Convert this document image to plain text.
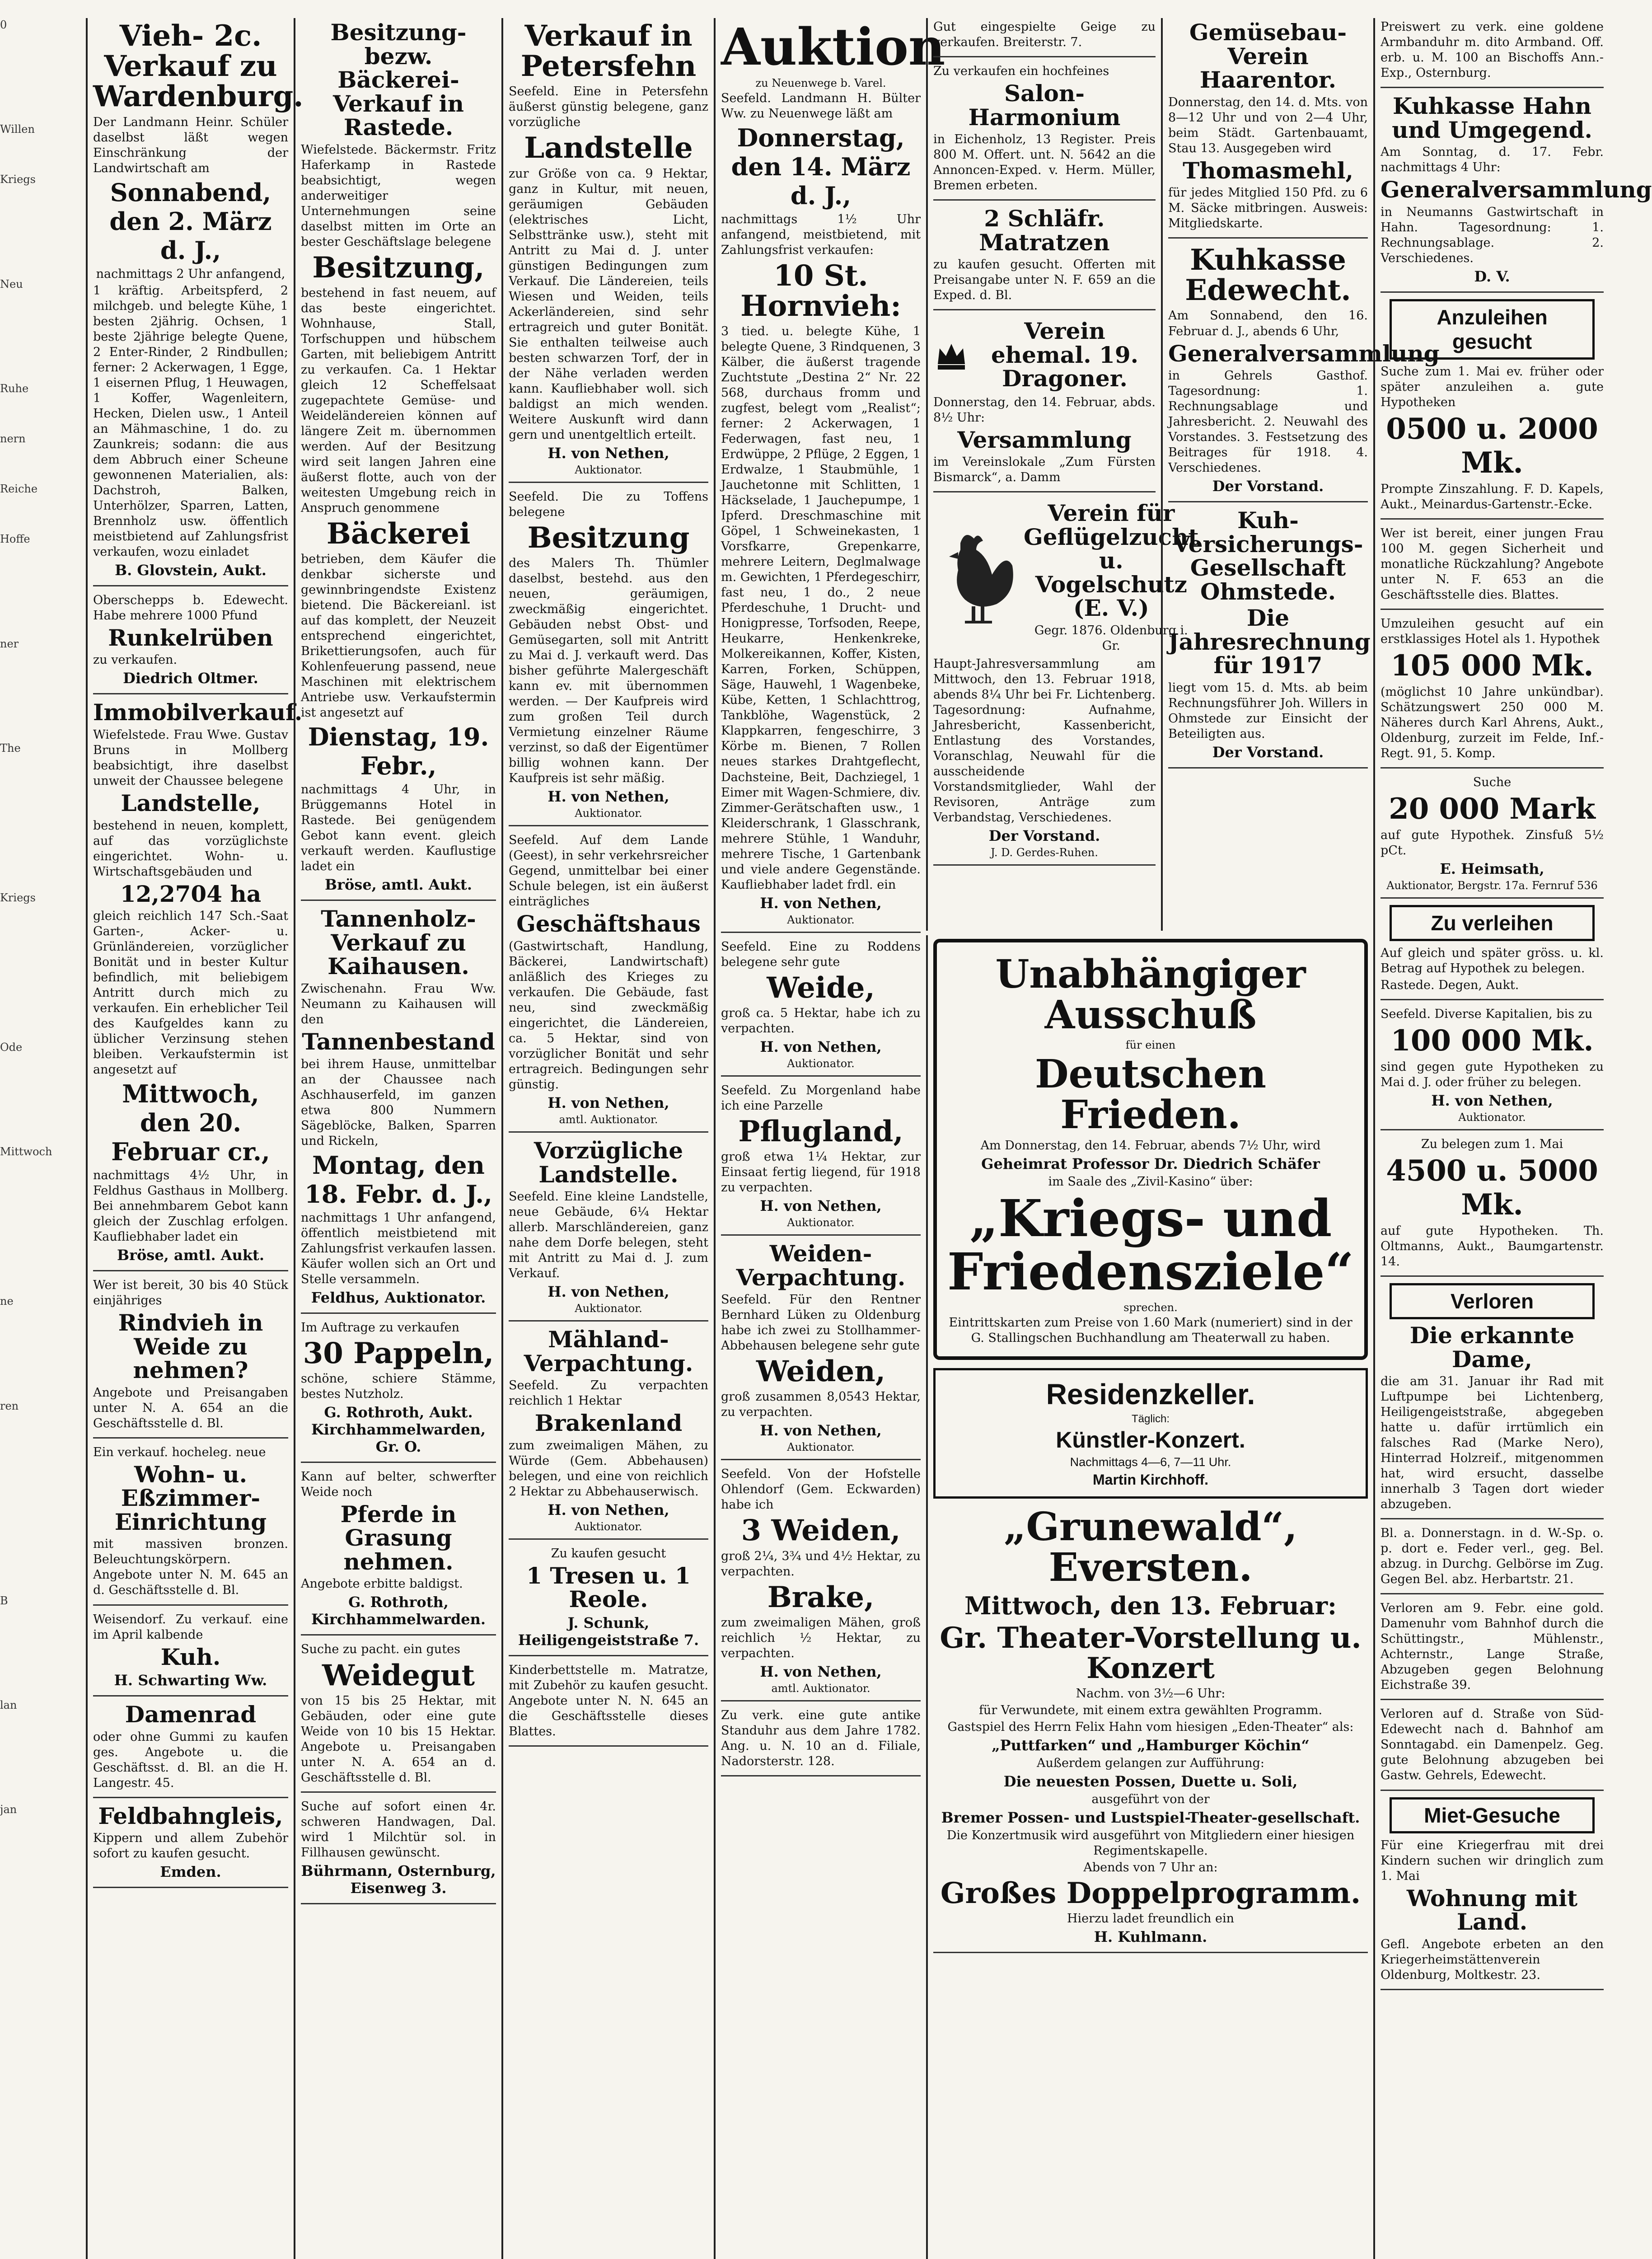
0
Willen
Kriegs
Neu
Ruhe
nern
Reiche
Hoffe
ner
The
Kriegs
Ode
Mittwoch
ne
ren
B
lan
jan
Vieh- 2c. Verkauf zu Wardenburg.

Der Landmann Heinr. Schüler daselbst läßt wegen Einschränkung der Landwirtschaft am

Sonnabend, den 2. März d. J.,

nachmittags 2 Uhr anfangend,

1 kräftig. Arbeitspferd, 2 milchgeb. und belegte Kühe, 1 besten 2jährig. Ochsen, 1 beste 2jährige belegte Quene, 2 Enter-Rinder, 2 Rindbullen; ferner: 2 Ackerwagen, 1 Egge, 1 eisernen Pflug, 1 Heuwagen, 1 Koffer, Wagenleitern, Hecken, Dielen usw., 1 Anteil an Mähmaschine, 1 do. zu Zaunkreis; sodann: die aus dem Abbruch einer Scheune gewonnenen Materialien, als: Dachstroh, Balken, Unterhölzer, Sparren, Latten, Brennholz usw. öffentlich meistbietend auf Zahlungsfrist verkaufen, wozu einladet

B. Glovstein, Aukt.

Oberschepps b. Edewecht. Habe mehrere 1000 Pfund

Runkelrüben

zu verkaufen.

Diedrich Oltmer.
Immobilverkauf.

Wiefelstede. Frau Wwe. Gustav Bruns in Mollberg beabsichtigt, ihre daselbst unweit der Chaussee belegene

Landstelle,

bestehend in neuen, komplett, auf das vorzüglichste eingerichtet. Wohn- u. Wirtschaftsgebäuden und

12,2704 ha

gleich reichlich 147 Sch.-Saat Garten-, Acker- u. Grünländereien, vorzüglicher Bonität und in bester Kultur befindlich, mit beliebigem Antritt durch mich zu verkaufen. Ein erheblicher Teil des Kaufgeldes kann zu üblicher Verzinsung stehen bleiben. Verkaufstermin ist angesetzt auf

Mittwoch, den 20. Februar cr.,

nachmittags 4½ Uhr, in Feldhus Gasthaus in Mollberg. Bei annehmbarem Gebot kann gleich der Zuschlag erfolgen. Kaufliebhaber ladet ein

Bröse, amtl. Aukt.

Wer ist bereit, 30 bis 40 Stück einjähriges

Rindvieh in Weide zu nehmen?

Angebote und Preisangaben unter N. A. 654 an die Geschäftsstelle d. Bl.

Ein verkauf. hocheleg. neue

Wohn- u. Eßzimmer-Einrichtung

mit massiven bronzen. Beleuchtungskörpern. Angebote unter N. M. 645 an d. Geschäftsstelle d. Bl.

Weisendorf. Zu verkauf. eine im April kalbende

Kuh.
H. Schwarting Ww.
Damenrad

oder ohne Gummi zu kaufen ges. Angebote u. die Geschäftsst. d. Bl. an die H. Langestr. 45.

Feldbahngleis,

Kippern und allem Zubehör sofort zu kaufen gesucht.

Emden.
Besitzung- bezw. Bäckerei-Verkauf in Rastede.

Wiefelstede. Bäckermstr. Fritz Haferkamp in Rastede beabsichtigt, wegen anderweitiger Unternehmungen seine daselbst mitten im Orte an bester Geschäftslage belegene

Besitzung,

bestehend in fast neuem, auf das beste eingerichtet. Wohnhause, Stall, Torfschuppen und hübschem Garten, mit beliebigem Antritt zu verkaufen. Ca. 1 Hektar gleich 12 Scheffelsaat zugepachtete Gemüse- und Weideländereien können auf längere Zeit m. übernommen werden. Auf der Besitzung wird seit langen Jahren eine äußerst flotte, auch von der weitesten Umgebung reich in Anspruch genommene

Bäckerei

betrieben, dem Käufer die denkbar sicherste und gewinnbringendste Existenz bietend. Die Bäckereianl. ist auf das komplett, der Neuzeit entsprechend eingerichtet, Brikettierungsofen, auch für Kohlenfeuerung passend, neue Maschinen mit elektrischem Antriebe usw. Verkaufstermin ist angesetzt auf

Dienstag, 19. Febr.,

nachmittags 4 Uhr, in Brüggemanns Hotel in Rastede. Bei genügendem Gebot kann event. gleich verkauft werden. Kauflustige ladet ein

Bröse, amtl. Aukt.
Tannenholz-Verkauf zu Kaihausen.

Zwischenahn. Frau Ww. Neumann zu Kaihausen will den

Tannenbestand

bei ihrem Hause, unmittelbar an der Chaussee nach Aschhauserfeld, im ganzen etwa 800 Nummern Sägeblöcke, Balken, Sparren und Rickeln,

Montag, den 18. Febr. d. J.,

nachmittags 1 Uhr anfangend, öffentlich meistbietend mit Zahlungsfrist verkaufen lassen. Käufer wollen sich an Ort und Stelle versammeln.

Feldhus, Auktionator.

Im Auftrage zu verkaufen

30 Pappeln,

schöne, schiere Stämme, bestes Nutzholz.

G. Rothroth, Aukt. Kirchhammelwarden, Gr. O.

Kann auf belter, schwerfter Weide noch

Pferde in Grasung nehmen.

Angebote erbitte baldigst.

G. Rothroth, Kirchhammelwarden.

Suche zu pacht. ein gutes

Weidegut

von 15 bis 25 Hektar, mit Gebäuden, oder eine gute Weide von 10 bis 15 Hektar. Angebote u. Preisangaben unter N. A. 654 an d. Geschäftsstelle d. Bl.

Suche auf sofort einen 4r. schweren Handwagen, Dal. wird 1 Milchtür sol. in Fillhausen gewünscht.

Bührmann, Osternburg, Eisenweg 3.
Verkauf in Petersfehn

Seefeld. Eine in Petersfehn äußerst günstig belegene, ganz vorzügliche

Landstelle

zur Größe von ca. 9 Hektar, ganz in Kultur, mit neuen, geräumigen Gebäuden (elektrisches Licht, Selbsttränke usw.), steht mit Antritt zu Mai d. J. unter günstigen Bedingungen zum Verkauf. Die Ländereien, teils Wiesen und Weiden, teils Ackerländereien, sind sehr ertragreich und guter Bonität. Sie enthalten teilweise auch besten schwarzen Torf, der in der Nähe verladen werden kann. Kaufliebhaber woll. sich baldigst an mich wenden. Weitere Auskunft wird dann gern und unentgeltlich erteilt.

H. von Nethen,
Auktionator.

Seefeld. Die zu Toffens belegene

Besitzung

des Malers Th. Thümler daselbst, bestehd. aus den neuen, geräumigen, zweckmäßig eingerichtet. Gebäuden nebst Obst- und Gemüsegarten, soll mit Antritt zu Mai d. J. verkauft werd. Das bisher geführte Malergeschäft kann ev. mit übernommen werden. — Der Kaufpreis wird zum großen Teil durch Vermietung einzelner Räume verzinst, so daß der Eigentümer billig wohnen kann. Der Kaufpreis ist sehr mäßig.

H. von Nethen,
Auktionator.

Seefeld. Auf dem Lande (Geest), in sehr verkehrsreicher Gegend, unmittelbar bei einer Schule belegen, ist ein äußerst einträgliches

Geschäftshaus

(Gastwirtschaft, Handlung, Bäckerei, Landwirtschaft) anläßlich des Krieges zu verkaufen. Die Gebäude, fast neu, sind zweckmäßig eingerichtet, die Ländereien, ca. 5 Hektar, sind von vorzüglicher Bonität und sehr ertragreich. Bedingungen sehr günstig.

H. von Nethen,
amtl. Auktionator.
Vorzügliche Landstelle.

Seefeld. Eine kleine Landstelle, neue Gebäude, 6¼ Hektar allerb. Marschländereien, ganz nahe dem Dorfe belegen, steht mit Antritt zu Mai d. J. zum Verkauf.

H. von Nethen,
Auktionator.
Mähland-Verpachtung.

Seefeld. Zu verpachten reichlich 1 Hektar

Brakenland

zum zweimaligen Mähen, zu Würde (Gem. Abbehausen) belegen, und eine von reichlich 2 Hektar zu Abbehauserwisch.

H. von Nethen,
Auktionator.

Zu kaufen gesucht

1 Tresen u. 1 Reole.
J. Schunk, Heiligengeiststraße 7.

Kinderbettstelle m. Matratze, mit Zubehör zu kaufen gesucht. Angebote unter N. N. 645 an die Geschäftsstelle dieses Blattes.

Auktion
zu Neuenwege b. Varel.

Seefeld. Landmann H. Bülter Ww. zu Neuenwege läßt am

Donnerstag, den 14. März d. J.,

nachmittags 1½ Uhr anfangend, meistbietend, mit Zahlungsfrist verkaufen:

10 St. Hornvieh:

3 tied. u. belegte Kühe, 1 belegte Quene, 3 Rindquenen, 3 Kälber, die äußerst tragende Zuchtstute „Destina 2“ Nr. 22 568, durchaus fromm und zugfest, belegt vom „Realist“; ferner: 2 Ackerwagen, 1 Federwagen, fast neu, 1 Erdwüppe, 2 Pflüge, 2 Eggen, 1 Erdwalze, 1 Staubmühle, 1 Jauchetonne mit Schlitten, 1 Häckselade, 1 Jauchepumpe, 1 Ipferd. Dreschmaschine mit Göpel, 1 Schweinekasten, 1 Vorsfkarre, Grepenkarre, mehrere Leitern, Deglmalwage m. Gewichten, 1 Pferdegeschirr, fast neu, 1 do., 2 neue Pferdeschuhe, 1 Drucht- und Honigpresse, Torfsoden, Reepe, Heukarre, Henkenkreke, Molkereikannen, Koffer, Kisten, Karren, Forken, Schüppen, Säge, Hauwehl, 1 Wagenbeke, Kübe, Ketten, 1 Schlachttrog, Tankblöhe, Wagenstück, 2 Klappkarren, fengeschirre, 3 Körbe m. Bienen, 7 Rollen neues starkes Drahtgeflecht, Dachsteine, Beit, Dachziegel, 1 Eimer mit Wagen-Schmiere, div. Zimmer-Gerätschaften usw., 1 Kleiderschrank, 1 Glasschrank, mehrere Stühle, 1 Wanduhr, mehrere Tische, 1 Gartenbank und viele andere Gegenstände. Kaufliebhaber ladet frdl. ein

H. von Nethen,
Auktionator.

Seefeld. Eine zu Roddens belegene sehr gute

Weide,

groß ca. 5 Hektar, habe ich zu verpachten.

H. von Nethen,
Auktionator.

Seefeld. Zu Morgenland habe ich eine Parzelle

Pflugland,

groß etwa 1¼ Hektar, zur Einsaat fertig liegend, für 1918 zu verpachten.

H. von Nethen,
Auktionator.
Weiden-Verpachtung.

Seefeld. Für den Rentner Bernhard Lüken zu Oldenburg habe ich zwei zu Stollhammer-Abbehausen belegene sehr gute

Weiden,

groß zusammen 8,0543 Hektar, zu verpachten.

H. von Nethen,
Auktionator.

Seefeld. Von der Hofstelle Ohlendorf (Gem. Eckwarden) habe ich

3 Weiden,

groß 2¼, 3¾ und 4½ Hektar, zu verpachten.

Brake,

zum zweimaligen Mähen, groß reichlich ½ Hektar, zu verpachten.

H. von Nethen,
amtl. Auktionator.

Zu verk. eine gute antike Standuhr aus dem Jahre 1782. Ang. u. N. 10 an d. Filiale, Nadorsterstr. 128.

Gut eingespielte Geige zu verkaufen. Breiterstr. 7.

Zu verkaufen ein hochfeines

Salon-Harmonium

in Eichenholz, 13 Register. Preis 800 M. Offert. unt. N. 5642 an die Annoncen-Exped. v. Herm. Müller, Bremen erbeten.

2 Schläfr. Matratzen

zu kaufen gesucht. Offerten mit Preisangabe unter N. F. 659 an die Exped. d. Bl.

Verein ehemal. 19. Dragoner.

Donnerstag, den 14. Februar, abds. 8½ Uhr:

Versammlung

im Vereinslokale „Zum Fürsten Bismarck“, a. Damm

Verein für Geflügelzucht u. Vogelschutz (E. V.)

Gegr. 1876. Oldenburg i. Gr.

Haupt-Jahresversammlung am Mittwoch, den 13. Februar 1918, abends 8¼ Uhr bei Fr. Lichtenberg. Tagesordnung: Aufnahme, Jahresbericht, Kassenbericht, Entlastung des Vorstandes, Voranschlag, Neuwahl für die ausscheidende Vorstandsmitglieder, Wahl der Revisoren, Anträge zum Verbandstag, Verschiedenes.

Der Vorstand.
J. D. Gerdes-Ruhen.
Gemüsebau-Verein Haarentor.

Donnerstag, den 14. d. Mts. von 8—12 Uhr und von 2—4 Uhr, beim Städt. Gartenbauamt, Stau 13. Ausgegeben wird

Thomasmehl,

für jedes Mitglied 150 Pfd. zu 6 M. Säcke mitbringen. Ausweis: Mitgliedskarte.

Kuhkasse Edewecht.

Am Sonnabend, den 16. Februar d. J., abends 6 Uhr,

Generalversammlung

in Gehrels Gasthof. Tagesordnung: 1. Rechnungsablage und Jahresbericht. 2. Neuwahl des Vorstandes. 3. Festsetzung des Beitrages für 1918. 4. Verschiedenes.

Der Vorstand.
Kuh-Versicherungs-Gesellschaft Ohmstede.
Die Jahresrechnung für 1917

liegt vom 15. d. Mts. ab beim Rechnungsführer Joh. Willers in Ohmstede zur Einsicht der Beteiligten aus.

Der Vorstand.
Unabhängiger Ausschuß
für einen
Deutschen Frieden.

Am Donnerstag, den 14. Februar, abends 7½ Uhr, wird

Geheimrat Professor Dr. Diedrich Schäfer

im Saale des „Zivil-Kasino“ über:

„Kriegs- und Friedensziele“
sprechen.

Eintrittskarten zum Preise von 1.60 Mark (numeriert) sind in der G. Stallingschen Buchhandlung am Theaterwall zu haben.

Residenzkeller.
Täglich:
Künstler-Konzert.

Nachmittags 4—6, 7—11 Uhr.

Martin Kirchhoff.
„Grunewald“, Eversten.
Mittwoch, den 13. Februar:
Gr. Theater-Vorstellung u. Konzert

Nachm. von 3½—6 Uhr:

für Verwundete, mit einem extra gewählten Programm.

Gastspiel des Herrn Felix Hahn vom hiesigen „Eden-Theater“ als:

„Puttfarken“ und „Hamburger Köchin“

Außerdem gelangen zur Aufführung:

Die neuesten Possen, Duette u. Soli,

ausgeführt von der

Bremer Possen- und Lustspiel-Theater-gesellschaft.

Die Konzertmusik wird ausgeführt von Mitgliedern einer hiesigen Regimentskapelle.

Abends von 7 Uhr an:

Großes Doppelprogramm.

Hierzu ladet freundlich ein

H. Kuhlmann.

Preiswert zu verk. eine goldene Armbanduhr m. dito Armband. Off. erb. u. M. 100 an Bischoffs Ann.-Exp., Osternburg.

Kuhkasse Hahn und Umgegend.

Am Sonntag, d. 17. Febr. nachmittags 4 Uhr:

Generalversammlung

in Neumanns Gastwirtschaft in Hahn. Tagesordnung: 1. Rechnungsablage. 2. Verschiedenes.

D. V.
Anzuleihen gesucht

Suche zum 1. Mai ev. früher oder später anzuleihen a. gute Hypotheken

0500 u. 2000 Mk.

Prompte Zinszahlung. F. D. Kapels, Aukt., Meinardus-Gartenstr.-Ecke.

Wer ist bereit, einer jungen Frau 100 M. gegen Sicherheit und monatliche Rückzahlung? Angebote unter N. F. 653 an die Geschäftsstelle dies. Blattes.

Umzuleihen gesucht auf ein erstklassiges Hotel als 1. Hypothek

105 000 Mk.

(möglichst 10 Jahre unkündbar). Schätzungswert 250 000 M. Näheres durch Karl Ahrens, Aukt., Oldenburg, zurzeit im Felde, Inf.-Regt. 91, 5. Komp.

Suche

20 000 Mark

auf gute Hypothek. Zinsfuß 5½ pCt.

E. Heimsath,
Auktionator, Bergstr. 17a. Fernruf 536
Zu verleihen

Auf gleich und später gröss. u. kl. Betrag auf Hypothek zu belegen.

Rastede. Degen, Aukt.

Seefeld. Diverse Kapitalien, bis zu

100 000 Mk.

sind gegen gute Hypotheken zu Mai d. J. oder früher zu belegen.

H. von Nethen,
Auktionator.

Zu belegen zum 1. Mai

4500 u. 5000 Mk.

auf gute Hypotheken. Th. Oltmanns, Aukt., Baumgartenstr. 14.

Verloren
Die erkannte Dame,

die am 31. Januar ihr Rad mit Luftpumpe bei Lichtenberg, Heiligengeiststraße, abgegeben hatte u. dafür irrtümlich ein falsches Rad (Marke Nero), Hinterrad Holzreif., mitgenommen hat, wird ersucht, dasselbe innerhalb 3 Tagen dort wieder abzugeben.

Bl. a. Donnerstagn. in d. W.-Sp. o. p. dort e. Feder verl., geg. Bel. abzug. in Durchg. Gelbörse im Zug. Gegen Bel. abz. Herbartstr. 21.

Verloren am 9. Febr. eine gold. Damenuhr vom Bahnhof durch die Schüttingstr., Mühlenstr., Achternstr., Lange Straße, Abzugeben gegen Belohnung Eichstraße 39.

Verloren auf d. Straße von Süd-Edewecht nach d. Bahnhof am Sonntagabd. ein Damenpelz. Geg. gute Belohnung abzugeben bei Gastw. Gehrels, Edewecht.

Miet-Gesuche

Für eine Kriegerfrau mit drei Kindern suchen wir dringlich zum 1. Mai

Wohnung mit Land.

Gefl. Angebote erbeten an den Kriegerheimstättenverein Oldenburg, Moltkestr. 23.
